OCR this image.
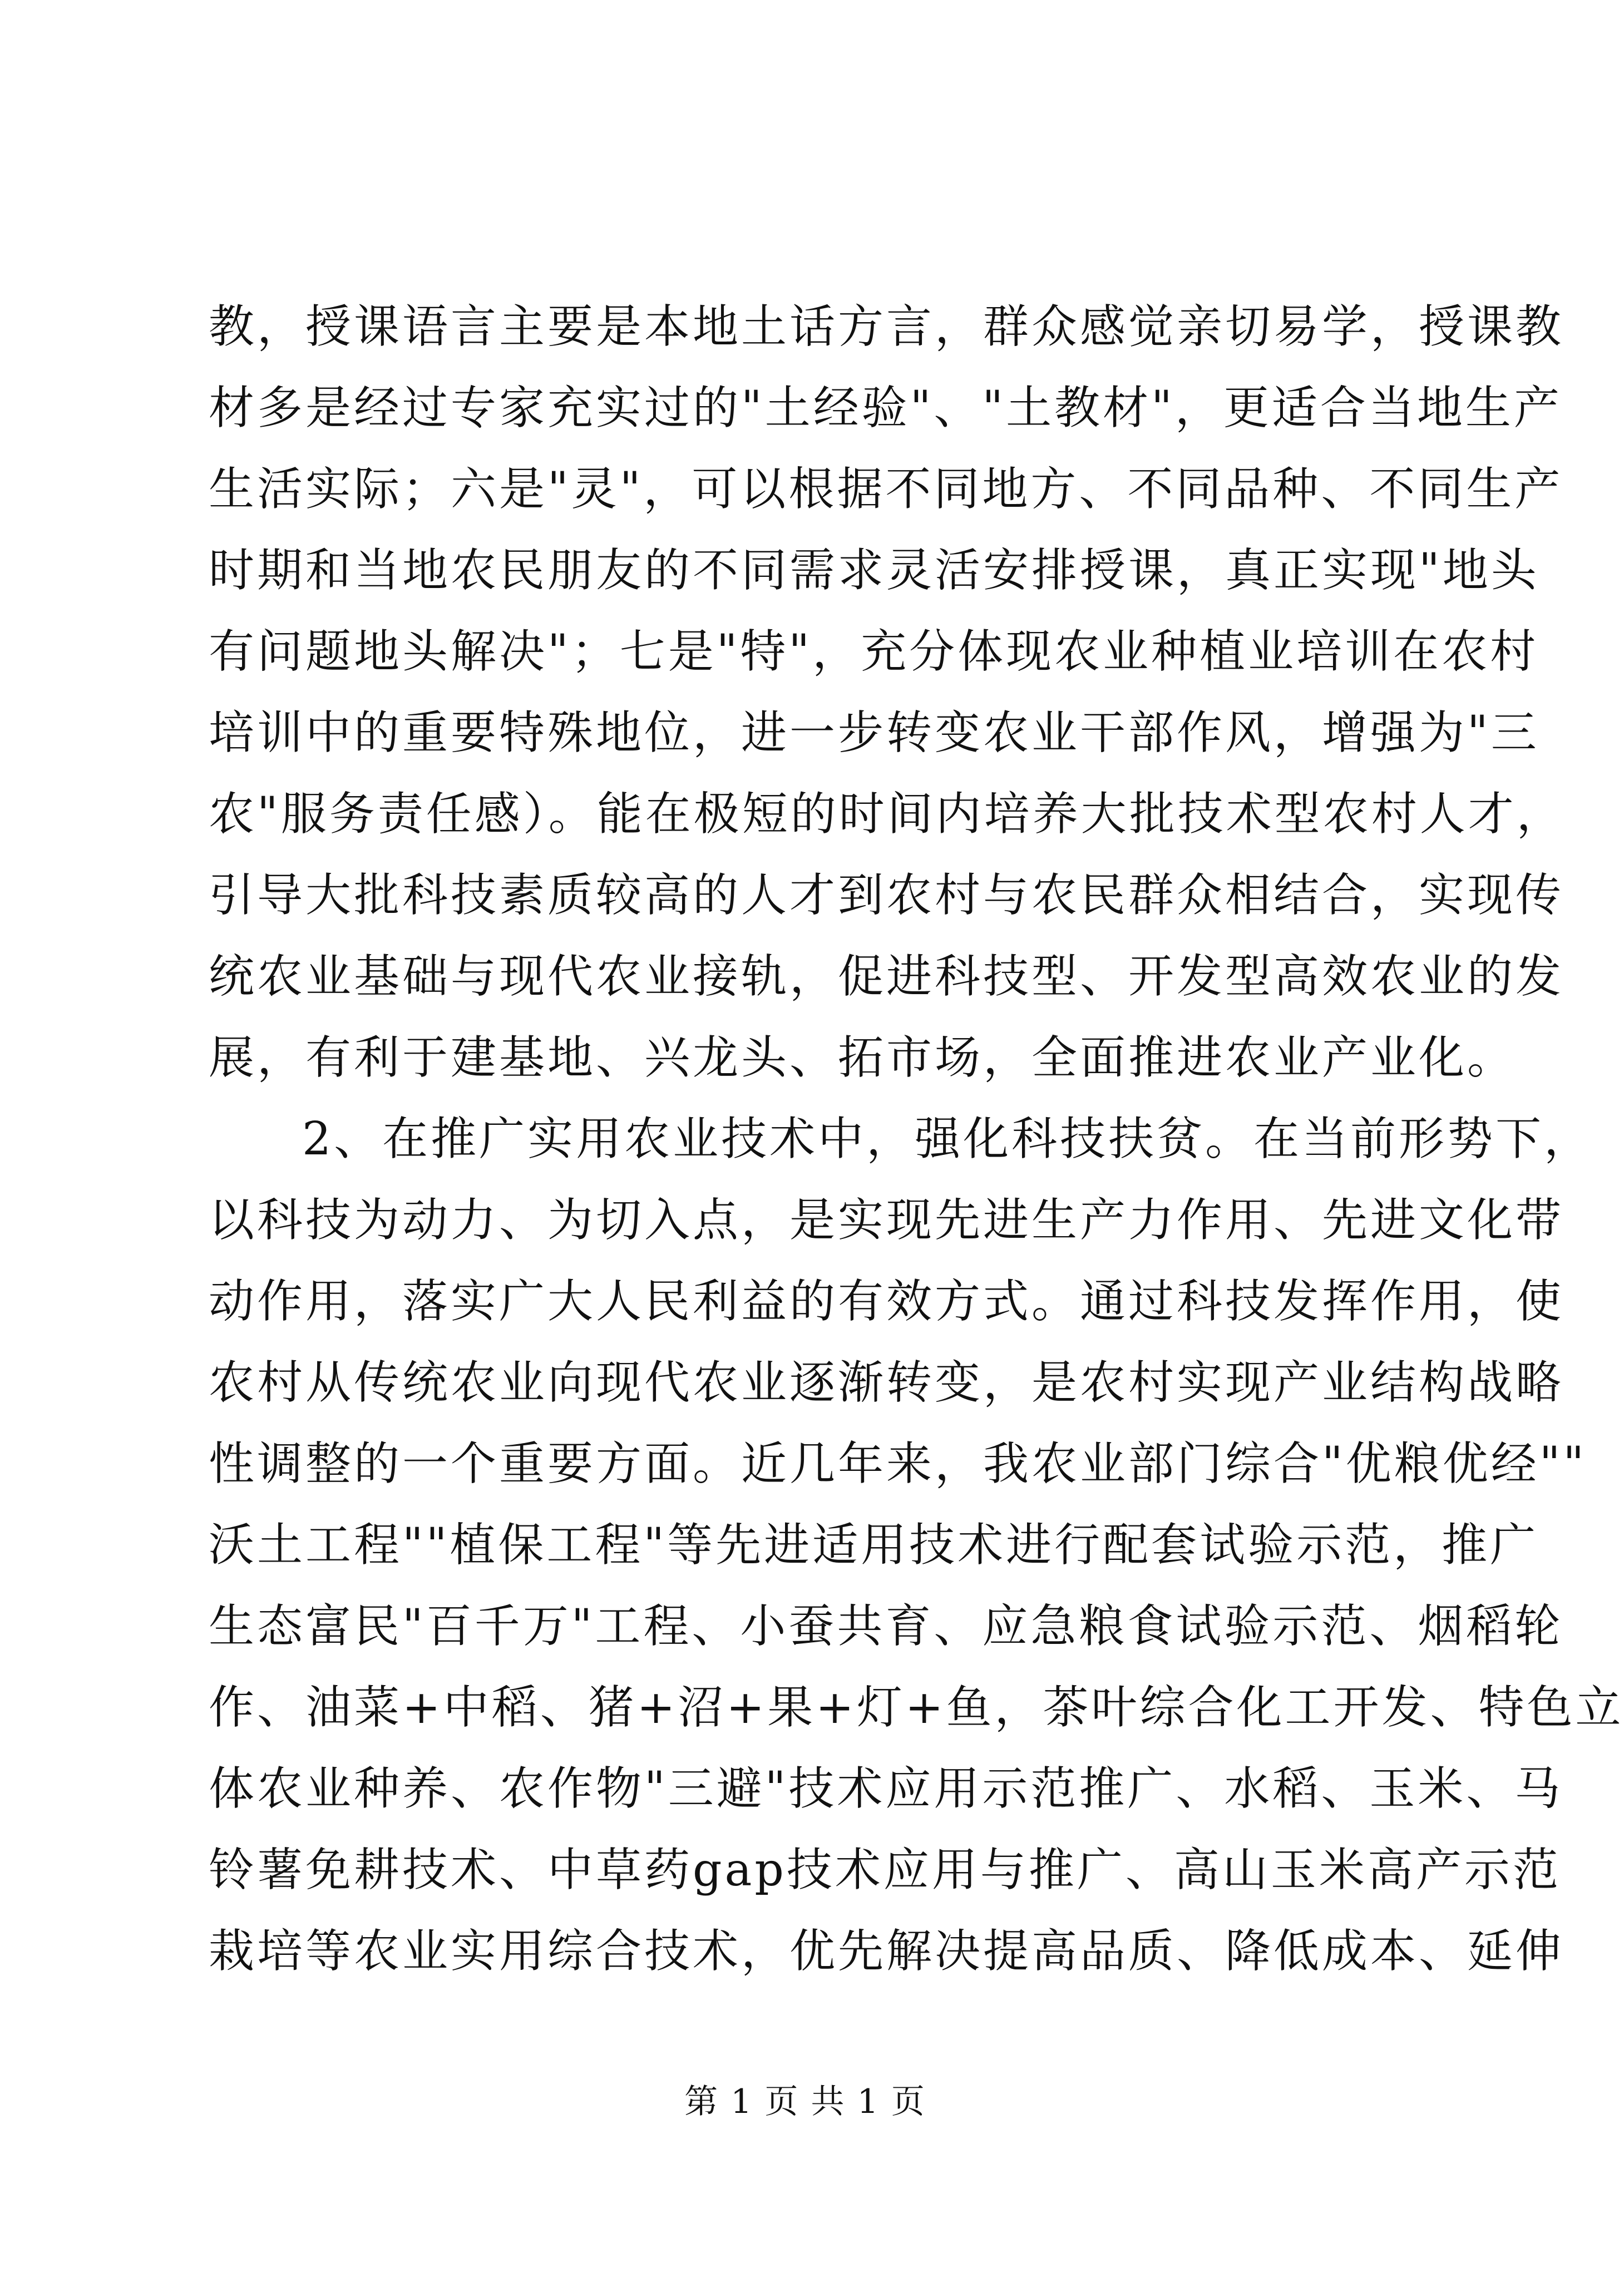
教，授课语言主要是本地土话方言，群众感觉亲切易学，授课教
材多是经过专家充实过的"土经验"、"土教材"，更适合当地生产
生活实际；六是"灵"，可以根据不同地方、不同品种、不同生产
时期和当地农民朋友的不同需求灵活安排授课，真正实现"地头
有问题地头解决"；七是"特"，充分体现农业种植业培训在农村
培训中的重要特殊地位，进一步转变农业干部作风，增强为"三
农"服务责任感）。能在极短的时间内培养大批技术型农村人才，
引导大批科技素质较高的人才到农村与农民群众相结合，实现传
统农业基础与现代农业接轨，促进科技型、开发型高效农业的发
展，有利于建基地、兴龙头、拓市场，全面推进农业产业化。
2、在推广实用农业技术中，强化科技扶贫。在当前形势下，
以科技为动力、为切入点，是实现先进生产力作用、先进文化带
动作用，落实广大人民利益的有效方式。通过科技发挥作用，使
农村从传统农业向现代农业逐渐转变，是农村实现产业结构战略
性调整的一个重要方面。近几年来，我农业部门综合"优粮优经""
沃土工程""植保工程"等先进适用技术进行配套试验示范，推广
生态富民"百千万"工程、小蚕共育、应急粮食试验示范、烟稻轮
作、油菜+中稻、猪+沼+果+灯+鱼，茶叶综合化工开发、特色立
体农业种养、农作物"三避"技术应用示范推广、水稻、玉米、马
铃薯免耕技术、中草药gap技术应用与推广、高山玉米高产示范
栽培等农业实用综合技术，优先解决提高品质、降低成本、延伸
第 1 页 共 1 页
